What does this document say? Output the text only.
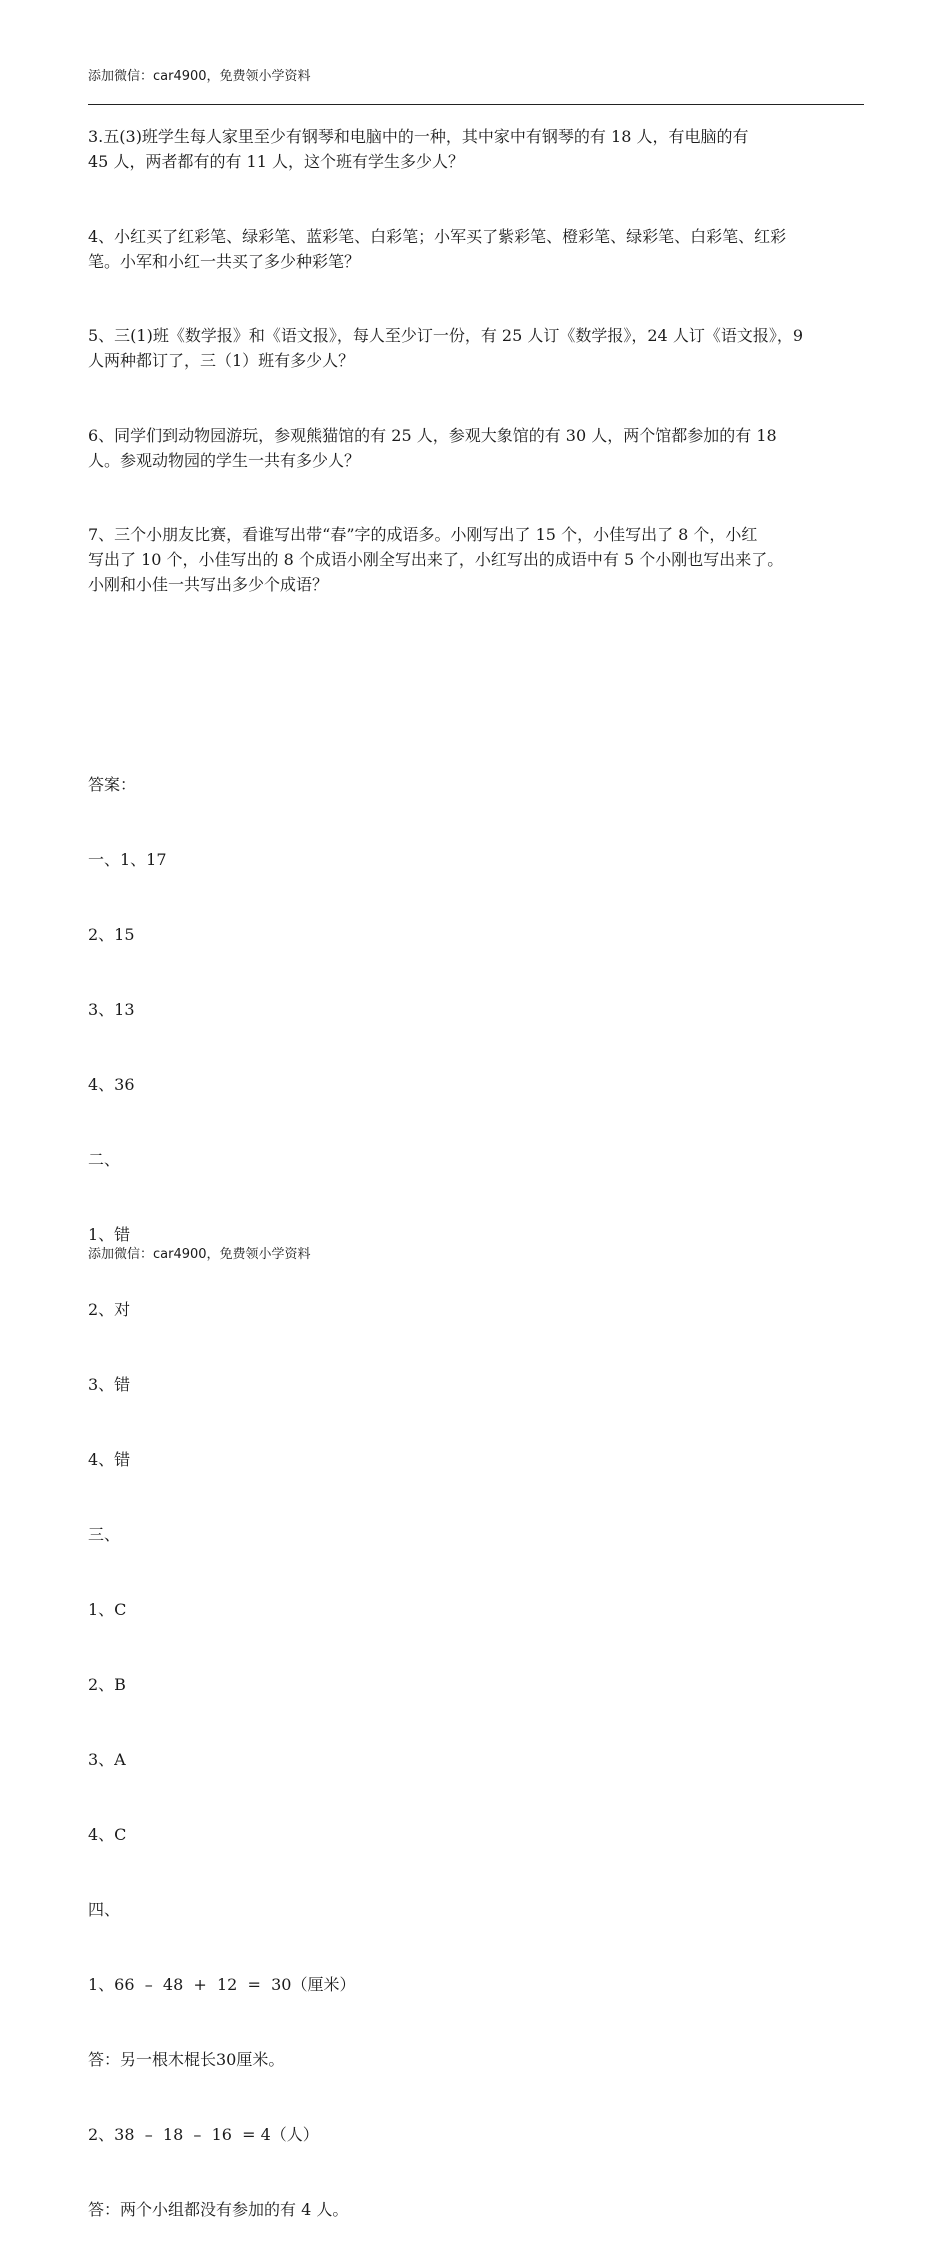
添加微信：car4900，免费领小学资料
3.五(3)班学生每人家里至少有钢琴和电脑中的一种，其中家中有钢琴的有 18 人，有电脑的有
45 人，两者都有的有 11 人，这个班有学生多少人？
4、小红买了红彩笔、绿彩笔、蓝彩笔、白彩笔；小军买了紫彩笔、橙彩笔、绿彩笔、白彩笔、红彩
笔。小军和小红一共买了多少种彩笔？
5、三(1)班《数学报》和《语文报》，每人至少订一份，有 25 人订《数学报》，24 人订《语文报》，9
人两种都订了，三（1）班有多少人？
6、同学们到动物园游玩，参观熊猫馆的有 25 人，参观大象馆的有 30 人，两个馆都参加的有 18
人。参观动物园的学生一共有多少人？
7、三个小朋友比赛，看谁写出带“春”字的成语多。小刚写出了 15 个，小佳写出了 8 个，小红
写出了 10 个，小佳写出的 8 个成语小刚全写出来了，小红写出的成语中有 5 个小刚也写出来了。
小刚和小佳一共写出多少个成语？

答案：

一、1、17

2、15

3、13

4、36

二、

1、错

2、对

3、错

4、错

三、

1、C

2、B

3、A

4、C

四、

1、66  –  48  +  12  =  30（厘米）

答：另一根木棍长30厘米。

2、38  –  18  –  16  = 4（人）

答：两个小组都没有参加的有 4 人。

添加微信：car4900，免费领小学资料
